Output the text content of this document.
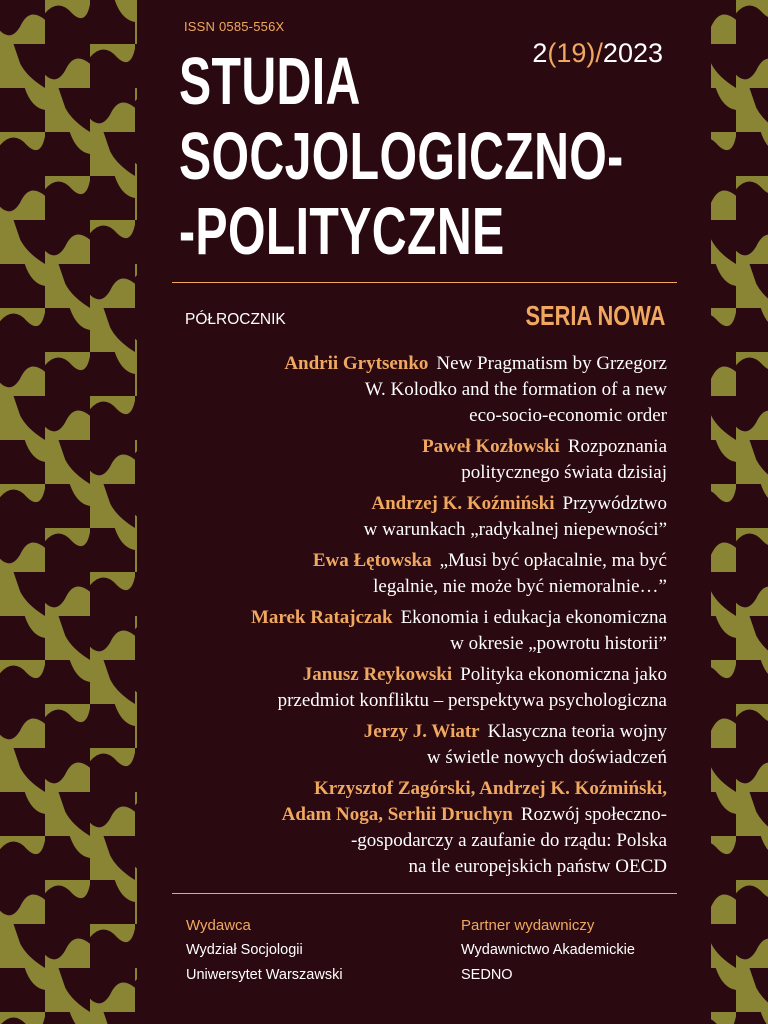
ISSN 0585-556X
2(19)/2023
STUDIA
SOCJOLOGICZNO-
-POLITYCZNE
PÓŁROCZNIK	SERIA NOWA
Andrii Grytsenko New Pragmatism by Grzegorz
W. Kolodko and the formation of a new
eco-socio-economic order
Paweł Kozłowski Rozpoznania
politycznego świata dzisiaj
Andrzej K. Koźmiński Przywództwo
w warunkach „radykalnej niepewności”
Ewa Łętowska „Musi być opłacalnie, ma być
legalnie, nie może być niemoralnie…”
Marek Ratajczak Ekonomia i edukacja ekonomiczna
w okresie „powrotu historii”
Janusz Reykowski Polityka ekonomiczna jako
przedmiot konfliktu – perspektywa psychologiczna
Jerzy J. Wiatr Klasyczna teoria wojny
w świetle nowych doświadczeń
Krzysztof Zagórski, Andrzej K. Koźmiński,
Adam Noga, Serhii Druchyn Rozwój społeczno-
-gospodarczy a zaufanie do rządu: Polska
na tle europejskich państw OECD
Wydawca
Wydział Socjologii
Uniwersytet Warszawski
Partner wydawniczy
Wydawnictwo Akademickie
SEDNO
